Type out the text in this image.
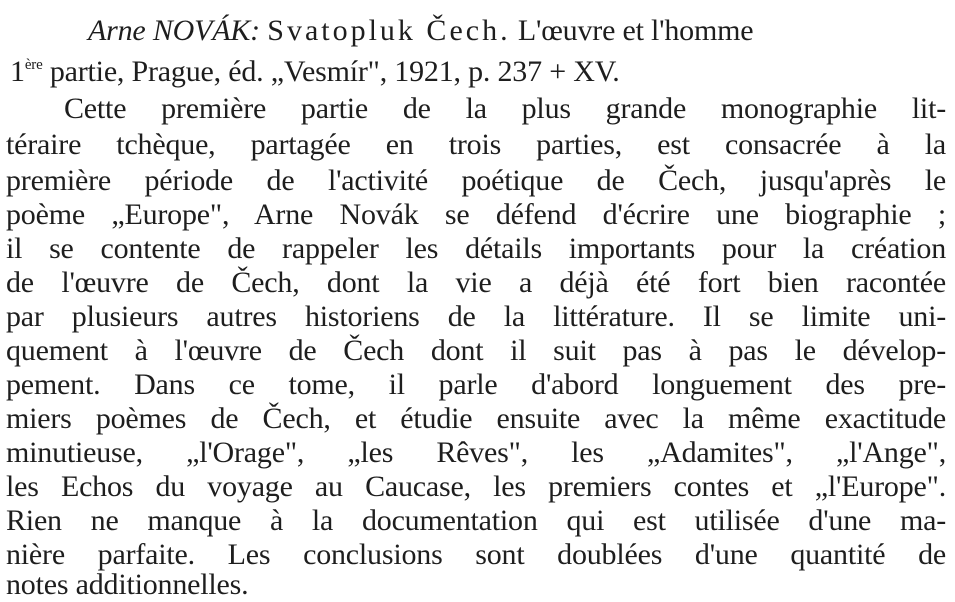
Arne NOVÁK: Svatopluk Čech. L'œuvre et l'homme
1ère partie, Prague, éd. „Vesmír", 1921, p. 237 + XV.
Cette première partie de la plus grande monographie lit-
téraire tchèque, partagée en trois parties, est consacrée à la
première période de l'activité poétique de Čech, jusqu'après le
poème „Europe", Arne Novák se défend d'écrire une biographie ;
il se contente de rappeler les détails importants pour la création
de l'œuvre de Čech, dont la vie a déjà été fort bien racontée
par plusieurs autres historiens de la littérature. Il se limite uni-
quement à l'œuvre de Čech dont il suit pas à pas le dévelop-
pement. Dans ce tome, il parle d'abord longuement des pre-
miers poèmes de Čech, et étudie ensuite avec la même exactitude
minutieuse, „l'Orage", „les Rêves", les „Adamites", „l'Ange",
les Echos du voyage au Caucase, les premiers contes et „l'Europe".
Rien ne manque à la documentation qui est utilisée d'une ma-
nière parfaite. Les conclusions sont doublées d'une quantité de
notes additionnelles.
